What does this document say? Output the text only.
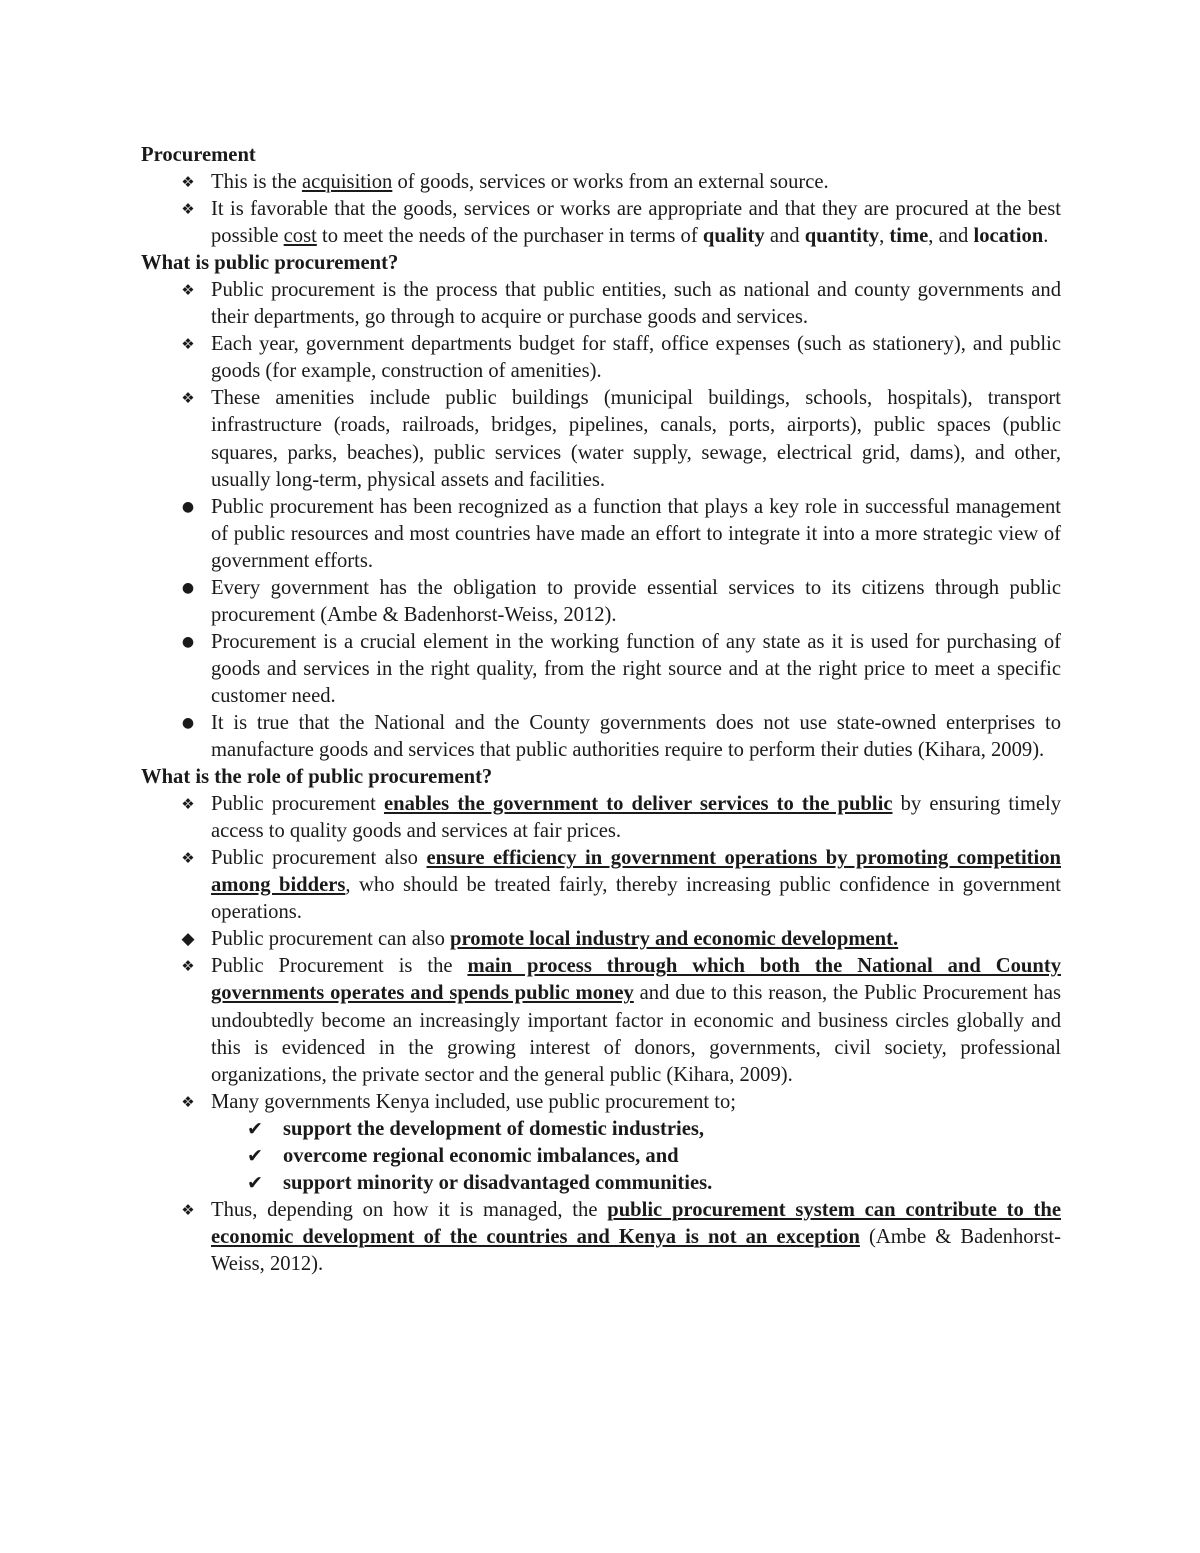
Procurement

❖ This is the acquisition of goods, services or works from an external source.
❖ It is favorable that the goods, services or works are appropriate and that they are procured at the best possible cost to meet the needs of the purchaser in terms of quality and quantity, time, and location.

What is public procurement?

❖ Public procurement is the process that public entities, such as national and county governments and their departments, go through to acquire or purchase goods and services.
❖ Each year, government departments budget for staff, office expenses (such as stationery), and public goods (for example, construction of amenities).
❖ These amenities include public buildings (municipal buildings, schools, hospitals), transport infrastructure (roads, railroads, bridges, pipelines, canals, ports, airports), public spaces (public squares, parks, beaches), public services (water supply, sewage, electrical grid, dams), and other, usually long-term, physical assets and facilities.
● Public procurement has been recognized as a function that plays a key role in successful management of public resources and most countries have made an effort to integrate it into a more strategic view of government efforts.
● Every government has the obligation to provide essential services to its citizens through public procurement (Ambe & Badenhorst-Weiss, 2012).
● Procurement is a crucial element in the working function of any state as it is used for purchasing of goods and services in the right quality, from the right source and at the right price to meet a specific customer need.
● It is true that the National and the County governments does not use state-owned enterprises to manufacture goods and services that public authorities require to perform their duties (Kihara, 2009).

What is the role of public procurement?

❖ Public procurement enables the government to deliver services to the public by ensuring timely access to quality goods and services at fair prices.
❖ Public procurement also ensure efficiency in government operations by promoting competition among bidders, who should be treated fairly, thereby increasing public confidence in government operations.
◆ Public procurement can also promote local industry and economic development.
❖ Public Procurement is the main process through which both the National and County governments operates and spends public money and due to this reason, the Public Procurement has undoubtedly become an increasingly important factor in economic and business circles globally and this is evidenced in the growing interest of donors, governments, civil society, professional organizations, the private sector and the general public (Kihara, 2009).
❖ Many governments Kenya included, use public procurement to;
✔ support the development of domestic industries,
✔ overcome regional economic imbalances, and
✔ support minority or disadvantaged communities.
❖ Thus, depending on how it is managed, the public procurement system can contribute to the economic development of the countries and Kenya is not an exception (Ambe & Badenhorst-Weiss, 2012).
